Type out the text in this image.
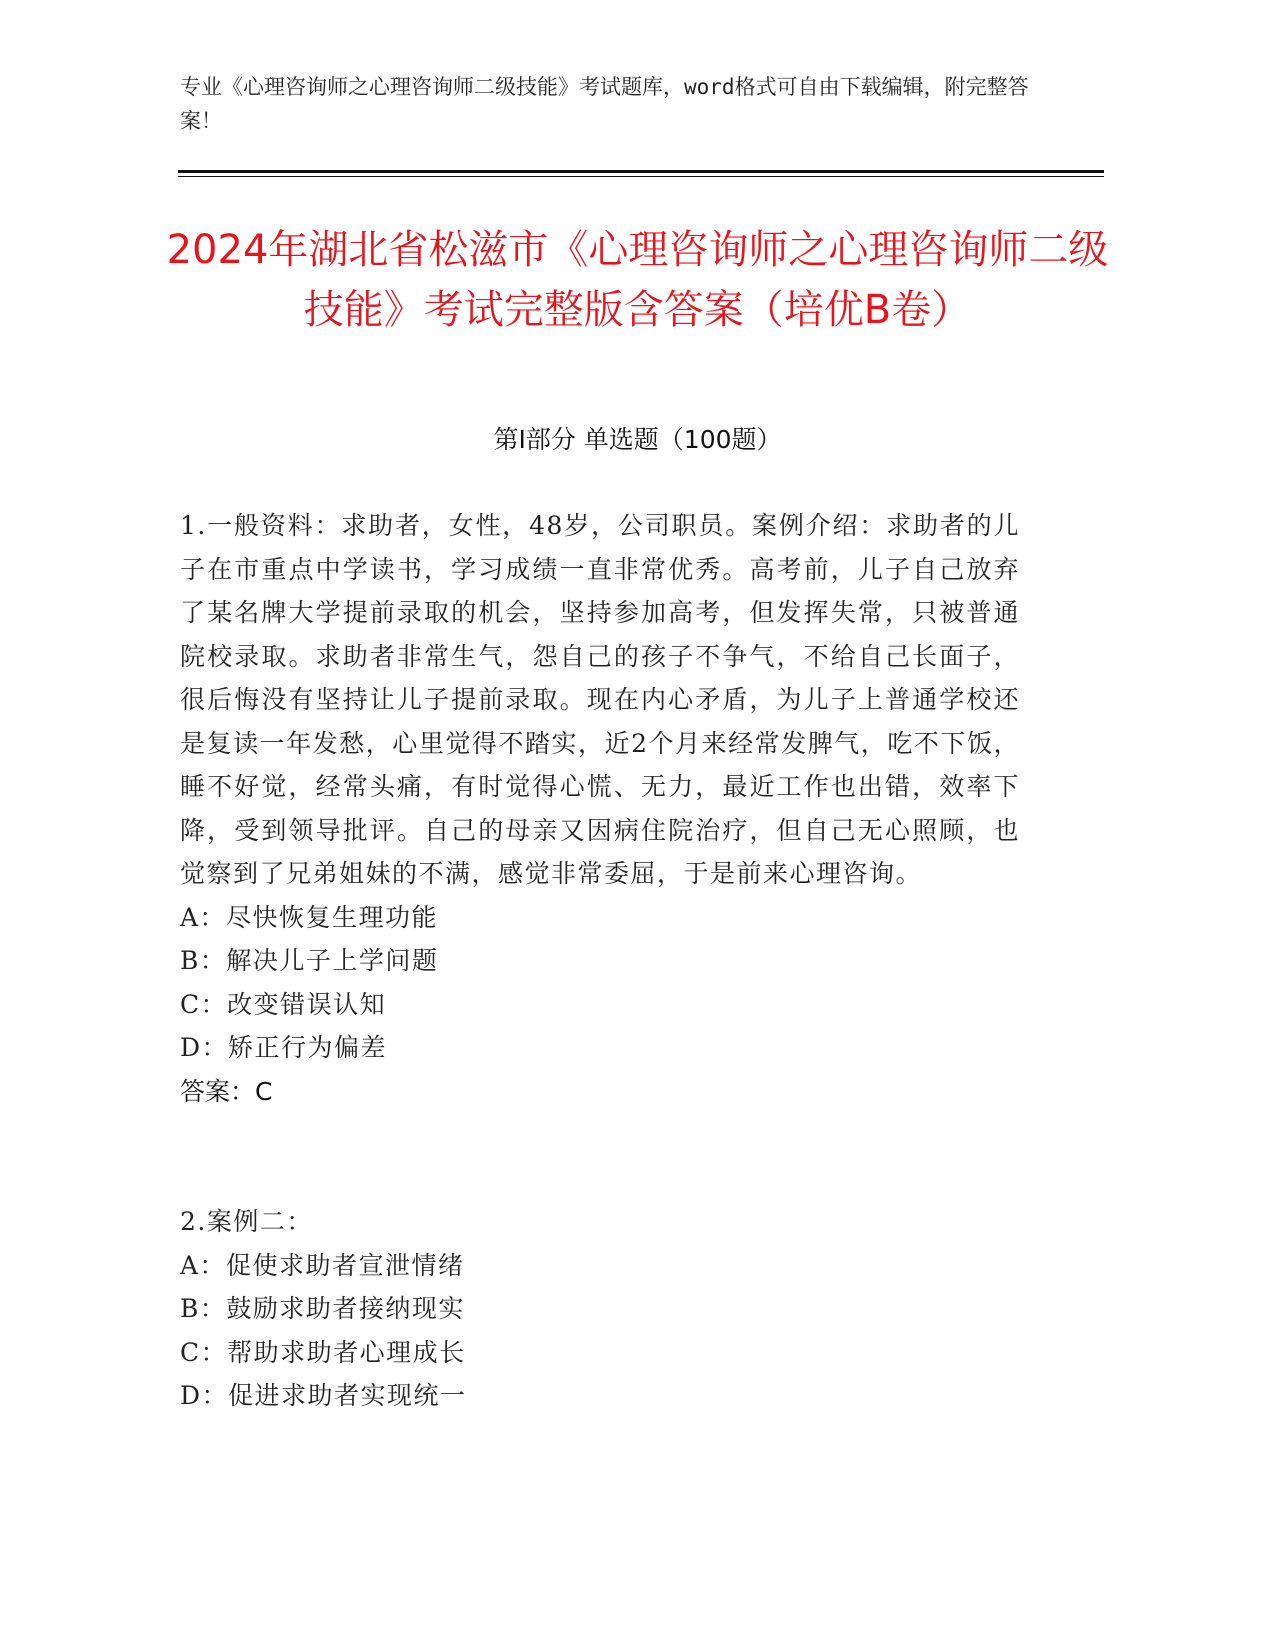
专业《心理咨询师之心理咨询师二级技能》考试题库，word格式可自由下载编辑，附完整答案！
2024年湖北省松滋市《心理咨询师之心理咨询师二级技能》考试完整版含答案（培优B卷）
第Ⅰ部分 单选题（100题）
1.一般资料：求助者，女性，48岁，公司职员。案例介绍：求助者的儿子在市重点中学读书，学习成绩一直非常优秀。高考前，儿子自己放弃了某名牌大学提前录取的机会，坚持参加高考，但发挥失常，只被普通院校录取。求助者非常生气，怨自己的孩子不争气，不给自己长面子，很后悔没有坚持让儿子提前录取。现在内心矛盾，为儿子上普通学校还是复读一年发愁，心里觉得不踏实，近2个月来经常发脾气，吃不下饭，睡不好觉，经常头痛，有时觉得心慌、无力，最近工作也出错，效率下降，受到领导批评。自己的母亲又因病住院治疗，但自己无心照顾，也觉察到了兄弟姐妹的不满，感觉非常委屈，于是前来心理咨询。
A：尽快恢复生理功能
B：解决儿子上学问题
C：改变错误认知
D：矫正行为偏差
答案：C
2.案例二：
A：促使求助者宣泄情绪
B：鼓励求助者接纳现实
C：帮助求助者心理成长
D：促进求助者实现统一
